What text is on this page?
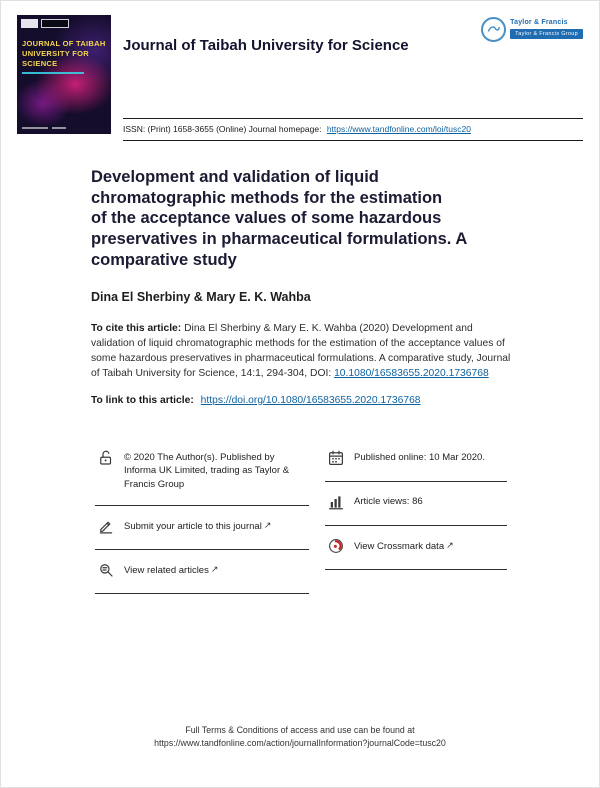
JOURNAL OF TAIBAH
UNIVERSITY FOR SCIENCE
Journal of Taibah University for Science
Taylor & Francis
Taylor & Francis Group
ISSN: (Print) 1658-3655 (Online) Journal homepage: https://www.tandfonline.com/loi/tusc20
Development and validation of liquid
chromatographic methods for the estimation
of the acceptance values of some hazardous
preservatives in pharmaceutical formulations. A
comparative study
Dina El Sherbiny & Mary E. K. Wahba

To cite this article: Dina El Sherbiny & Mary E. K. Wahba (2020) Development and validation of liquid chromatographic methods for the estimation of the acceptance values of some hazardous preservatives in pharmaceutical formulations. A comparative study, Journal of Taibah University for Science, 14:1, 294-304, DOI: 10.1080/16583655.2020.1736768

To link to this article: https://doi.org/10.1080/16583655.2020.1736768

© 2020 The Author(s). Published by Informa UK Limited, trading as Taylor & Francis Group
Submit your article to this journal ↗
View related articles ↗
Published online: 10 Mar 2020.
Article views: 86
View Crossmark data ↗
Full Terms & Conditions of access and use can be found at
https://www.tandfonline.com/action/journalInformation?journalCode=tusc20
